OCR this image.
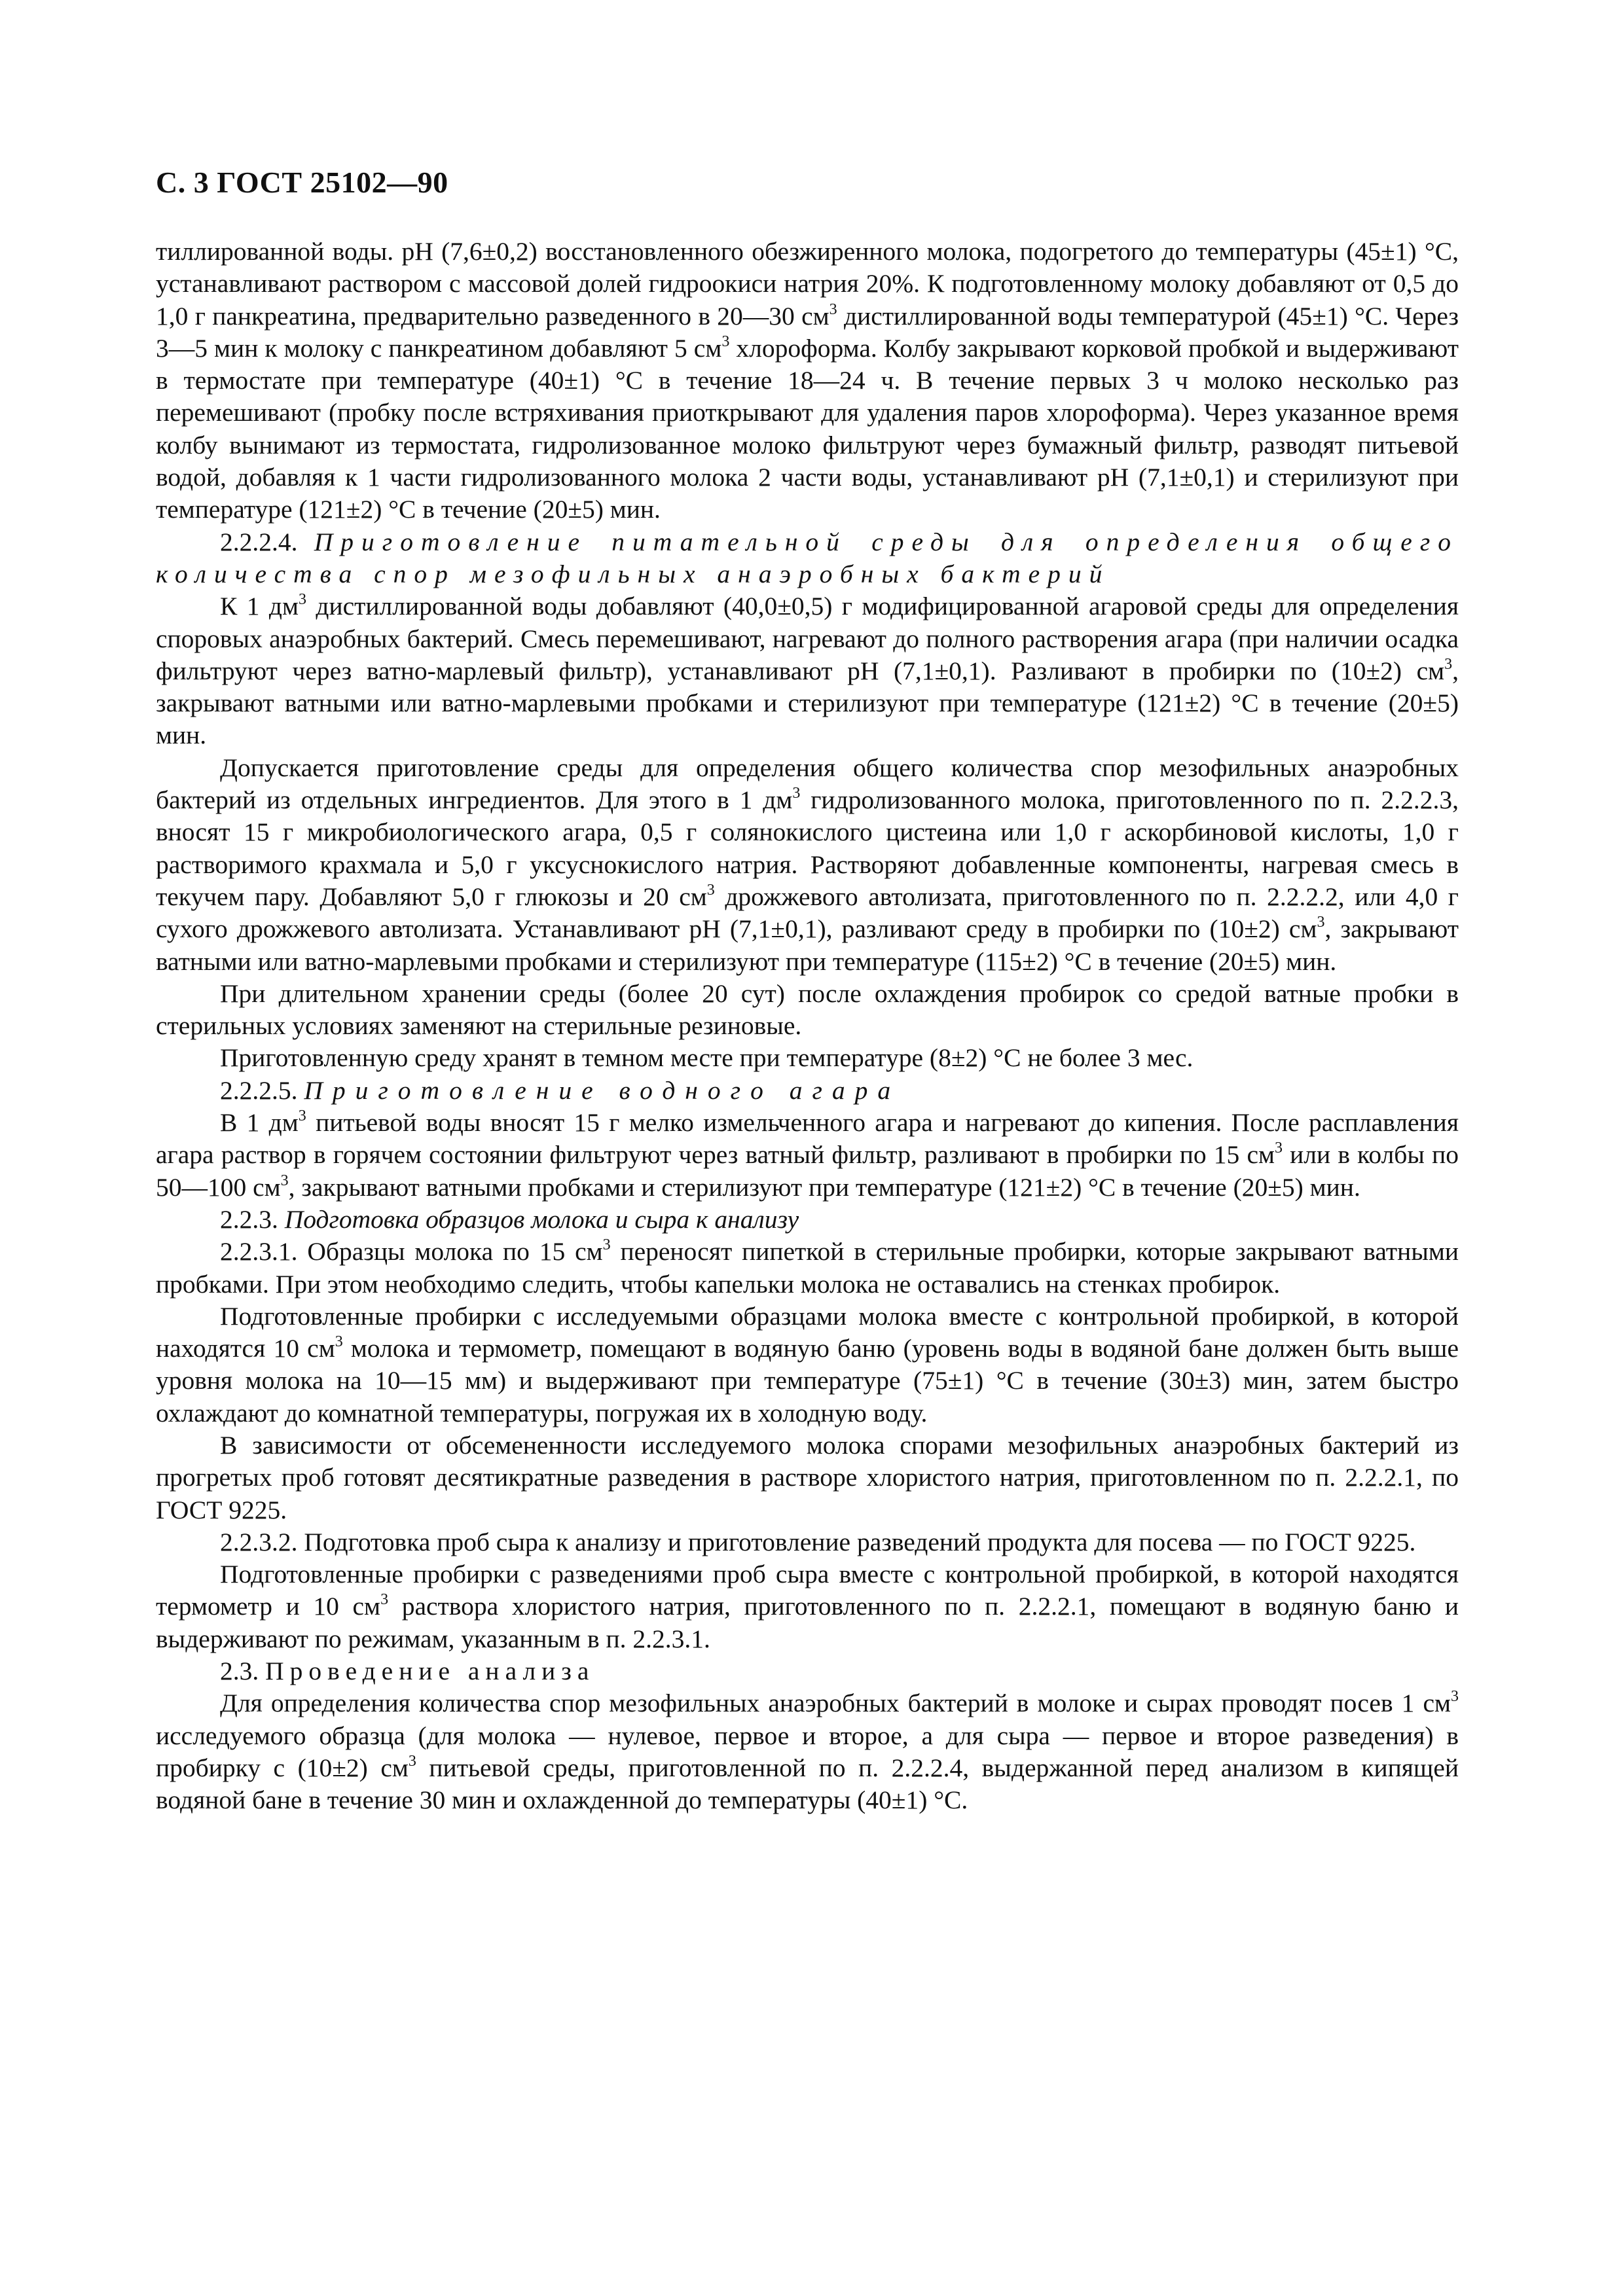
С. 3 ГОСТ 25102—90

тиллированной воды. pH (7,6±0,2) восстановленного обезжиренного молока, подогретого до температуры (45±1) °С, устанавливают раствором с массовой долей гидроокиси натрия 20%. К подготовленному молоку добавляют от 0,5 до 1,0 г панкреатина, предварительно разведенного в 20—30 $см^3$ дистиллированной воды температурой (45±1) °С. Через 3—5 мин к молоку с панкреатином добавляют 5 $см^3$ хлороформа. Колбу закрывают корковой пробкой и выдерживают в термостате при температуре (40±1) °С в течение 18—24 ч. В течение первых 3 ч молоко несколько раз перемешивают (пробку после встряхивания приоткрывают для удаления паров хлороформа). Через указанное время колбу вынимают из термостата, гидролизованное молоко фильтруют через бумажный фильтр, разводят питьевой водой, добавляя к 1 части гидролизованного молока 2 части воды, устанавливают pH (7,1±0,1) и стерилизуют при температуре (121±2) °С в течение (20±5) мин.

2.2.2.4. Приготовление питательной среды для определения общего количества спор мезофильных анаэробных бактерий

К 1 $дм^3$ дистиллированной воды добавляют (40,0±0,5) г модифицированной агаровой среды для определения споровых анаэробных бактерий. Смесь перемешивают, нагревают до полного растворения агара (при наличии осадка фильтруют через ватно-марлевый фильтр), устанавливают pH (7,1±0,1). Разливают в пробирки по (10±2) $см^3$, закрывают ватными или ватно-марлевыми пробками и стерилизуют при температуре (121±2) °С в течение (20±5) мин.

Допускается приготовление среды для определения общего количества спор мезофильных анаэробных бактерий из отдельных ингредиентов. Для этого в 1 $дм^3$ гидролизованного молока, приготовленного по п. 2.2.2.3, вносят 15 г микробиологического агара, 0,5 г солянокислого цистеина или 1,0 г аскорбиновой кислоты, 1,0 г растворимого крахмала и 5,0 г уксуснокислого натрия. Растворяют добавленные компоненты, нагревая смесь в текучем пару. Добавляют 5,0 г глюкозы и 20 $см^3$ дрожжевого автолизата, приготовленного по п. 2.2.2.2, или 4,0 г сухого дрожжевого автолизата. Устанавливают pH (7,1±0,1), разливают среду в пробирки по (10±2) $см^3$, закрывают ватными или ватно-марлевыми пробками и стерилизуют при температуре (115±2) °С в течение (20±5) мин.

При длительном хранении среды (более 20 сут) после охлаждения пробирок со средой ватные пробки в стерильных условиях заменяют на стерильные резиновые.

Приготовленную среду хранят в темном месте при температуре (8±2) °С не более 3 мес.

2.2.2.5. Приготовление водного агара

В 1 $дм^3$ питьевой воды вносят 15 г мелко измельченного агара и нагревают до кипения. После расплавления агара раствор в горячем состоянии фильтруют через ватный фильтр, разливают в пробирки по 15 $см^3$ или в колбы по 50—100 $см^3$, закрывают ватными пробками и стерилизуют при температуре (121±2) °С в течение (20±5) мин.

2.2.3. Подготовка образцов молока и сыра к анализу

2.2.3.1. Образцы молока по 15 $см^3$ переносят пипеткой в стерильные пробирки, которые закрывают ватными пробками. При этом необходимо следить, чтобы капельки молока не оставались на стенках пробирок.

Подготовленные пробирки с исследуемыми образцами молока вместе с контрольной пробиркой, в которой находятся 10 $см^3$ молока и термометр, помещают в водяную баню (уровень воды в водяной бане должен быть выше уровня молока на 10—15 мм) и выдерживают при температуре (75±1) °С в течение (30±3) мин, затем быстро охлаждают до комнатной температуры, погружая их в холодную воду.

В зависимости от обсемененности исследуемого молока спорами мезофильных анаэробных бактерий из прогретых проб готовят десятикратные разведения в растворе хлористого натрия, приготовленном по п. 2.2.2.1, по ГОСТ 9225.

2.2.3.2. Подготовка проб сыра к анализу и приготовление разведений продукта для посева — по ГОСТ 9225.

Подготовленные пробирки с разведениями проб сыра вместе с контрольной пробиркой, в которой находятся термометр и 10 $см^3$ раствора хлористого натрия, приготовленного по п. 2.2.2.1, помещают в водяную баню и выдерживают по режимам, указанным в п. 2.2.3.1.

2.3. Проведение анализа

Для определения количества спор мезофильных анаэробных бактерий в молоке и сырах проводят посев 1 $см^3$ исследуемого образца (для молока — нулевое, первое и второе, а для сыра — первое и второе разведения) в пробирку с (10±2) $см^3$ питьевой среды, приготовленной по п. 2.2.2.4, выдержанной перед анализом в кипящей водяной бане в течение 30 мин и охлажденной до температуры (40±1) °С.
